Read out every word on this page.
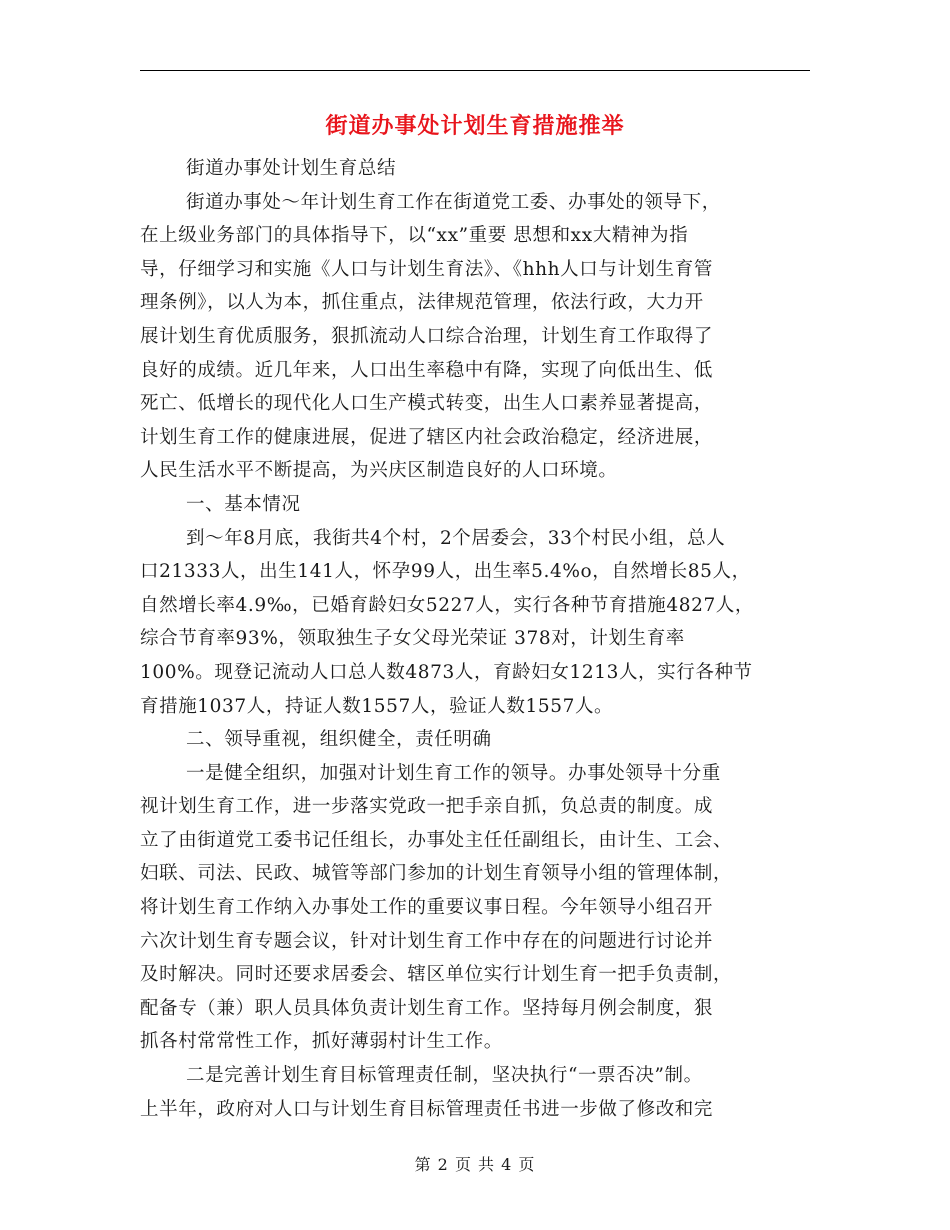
街道办事处计划生育措施推举
街道办事处计划生育总结
街道办事处～年计划生育工作在街道党工委、办事处的领导下，
在上级业务部门的具体指导下，以“xx”重要 思想和xx大精神为指
导，仔细学习和实施《人口与计划生育法》、《hhh人口与计划生育管
理条例》，以人为本，抓住重点，法律规范管理，依法行政，大力开
展计划生育优质服务，狠抓流动人口综合治理，计划生育工作取得了
良好的成绩。近几年来，人口出生率稳中有降，实现了向低出生、低
死亡、低增长的现代化人口生产模式转变，出生人口素养显著提高，
计划生育工作的健康进展，促进了辖区内社会政治稳定，经济进展，
人民生活水平不断提高，为兴庆区制造良好的人口环境。
一、基本情况
到～年8月底，我街共4个村，2个居委会，33个村民小组，总人
口21333人，出生141人，怀孕99人，出生率5.4%o，自然增长85人，
自然增长率4.9‰，已婚育龄妇女5227人，实行各种节育措施4827人，
综合节育率93%，领取独生子女父母光荣证 378对，计划生育率
100%。现登记流动人口总人数4873人，育龄妇女1213人，实行各种节
育措施1037人，持证人数1557人，验证人数1557人。
二、领导重视，组织健全，责任明确
一是健全组织，加强对计划生育工作的领导。办事处领导十分重
视计划生育工作，进一步落实党政一把手亲自抓，负总责的制度。成
立了由街道党工委书记任组长，办事处主任任副组长，由计生、工会、
妇联、司法、民政、城管等部门参加的计划生育领导小组的管理体制，
将计划生育工作纳入办事处工作的重要议事日程。今年领导小组召开
六次计划生育专题会议，针对计划生育工作中存在的问题进行讨论并
及时解决。同时还要求居委会、辖区单位实行计划生育一把手负责制，
配备专（兼）职人员具体负责计划生育工作。坚持每月例会制度，狠
抓各村常常性工作，抓好薄弱村计生工作。
二是完善计划生育目标管理责任制，坚决执行“一票否决”制。
上半年，政府对人口与计划生育目标管理责任书进一步做了修改和完
第 2 页 共 4 页
